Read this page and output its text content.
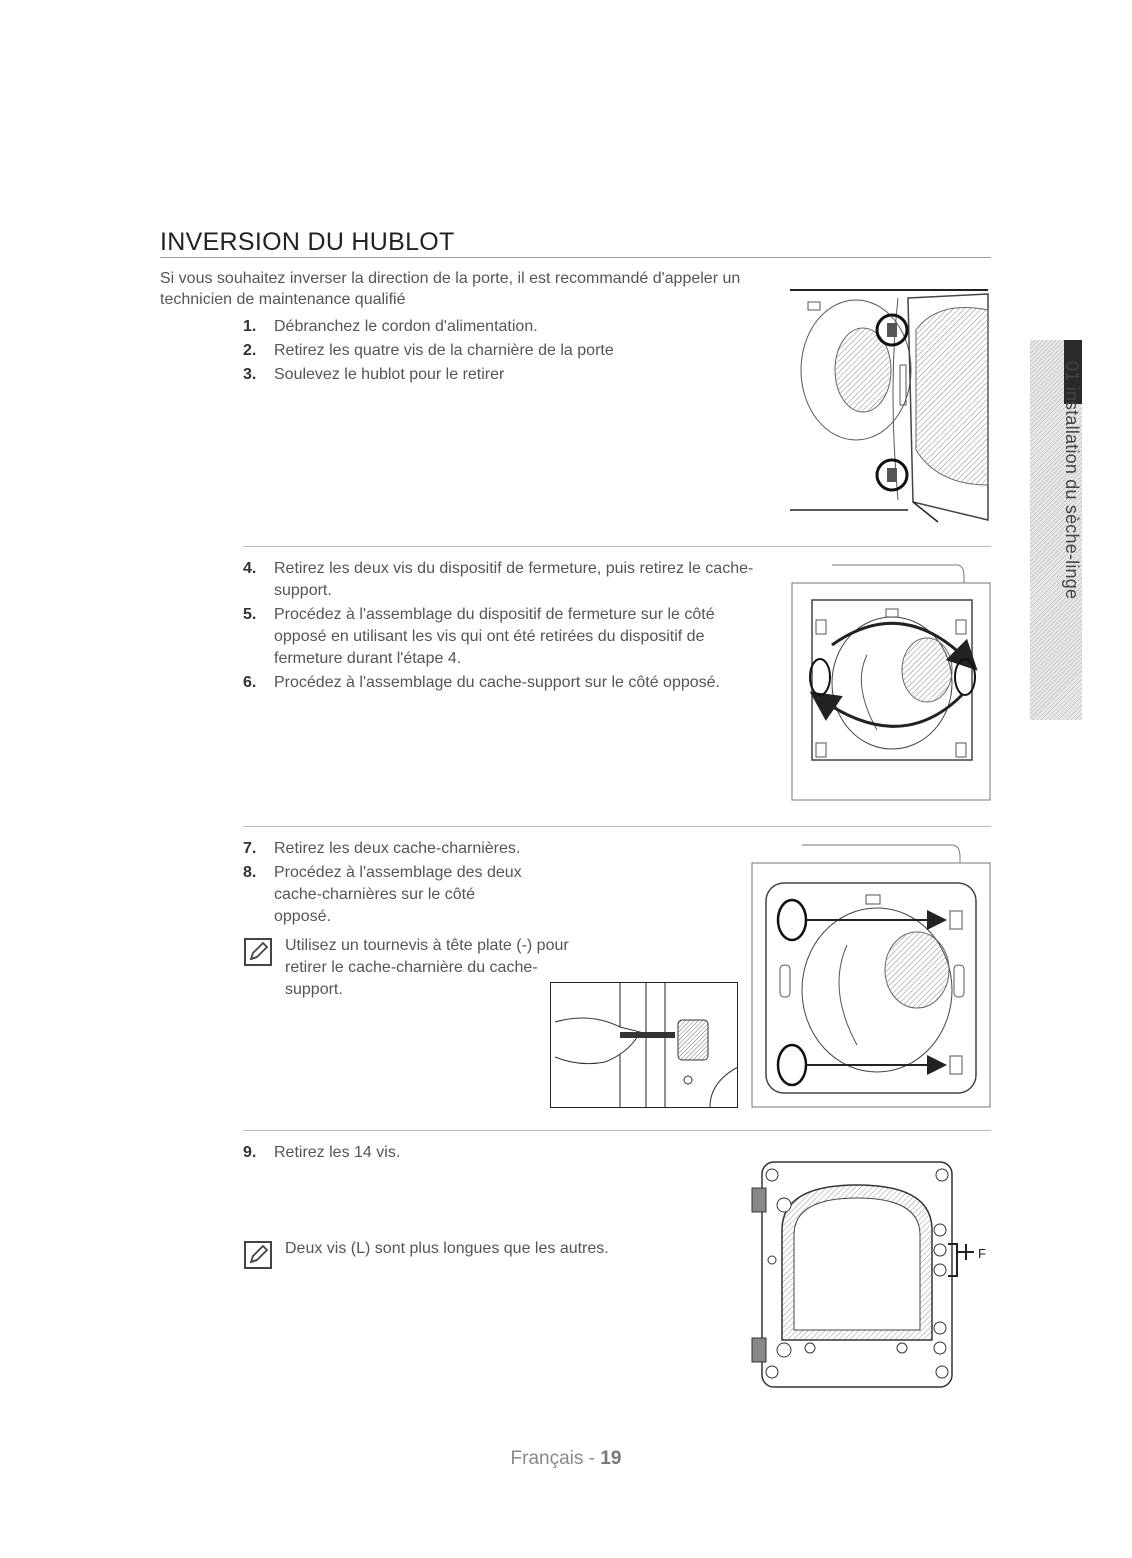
INVERSION DU HUBLOT
Si vous souhaitez inverser la direction de la porte, il est recommandé d'appeler un technicien de maintenance qualifié
1. Débranchez le cordon d'alimentation.
2. Retirez les quatre vis de la charnière de la porte
3. Soulevez le hublot pour le retirer
4. Retirez les deux vis du dispositif de fermeture, puis retirez le cache-support.
5. Procédez à l'assemblage du dispositif de fermeture sur le côté opposé en utilisant les vis qui ont été retirées du dispositif de fermeture durant l'étape 4.
6. Procédez à l'assemblage du cache-support sur le côté opposé.
7. Retirez les deux cache-charnières.
8. Procédez à l'assemblage des deux cache-charnières sur le côté opposé.
Utilisez un tournevis à tête plate (-) pour retirer le cache-charnière du cache-support.
9. Retirez les 14 vis.
Deux vis (L) sont plus longues que les autres.	F
01 installation du sèche-linge
Français - 19
